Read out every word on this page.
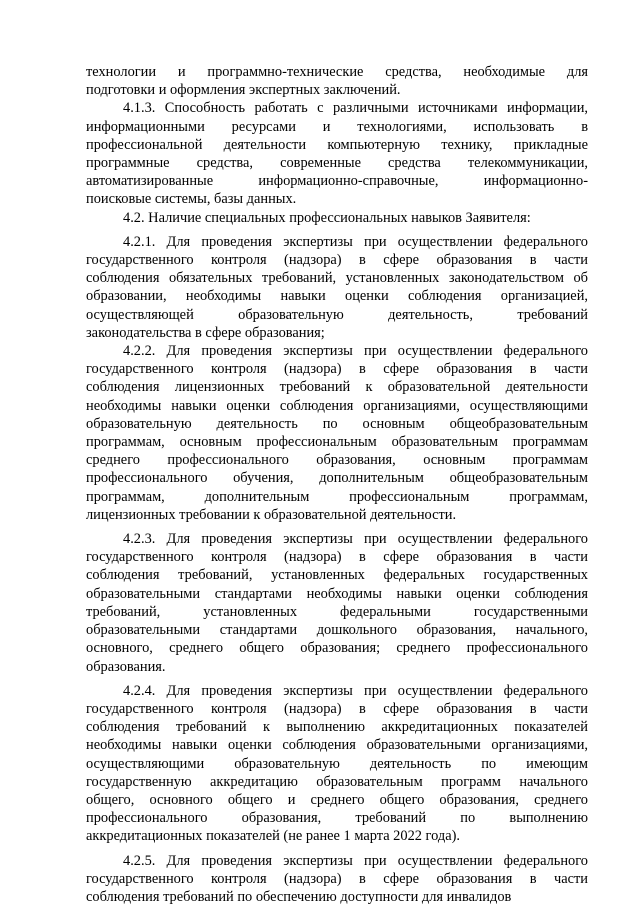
технологии и программно-технические средства, необходимые для
подготовки и оформления экспертных заключений.

4.1.3. Способность работать с различными источниками информации,
информационными ресурсами и технологиями, использовать в
профессиональной деятельности компьютерную технику, прикладные
программные средства, современные средства телекоммуникации,
автоматизированные информационно-справочные, информационно-
поисковые системы, базы данных.

4.2. Наличие специальных профессиональных навыков Заявителя:

4.2.1. Для проведения экспертизы при осуществлении федерального
государственного контроля (надзора) в сфере образования в части
соблюдения обязательных требований, установленных законодательством об
образовании, необходимы навыки оценки соблюдения организацией,
осуществляющей образовательную деятельность, требований
законодательства в сфере образования;

4.2.2. Для проведения экспертизы при осуществлении федерального
государственного контроля (надзора) в сфере образования в части
соблюдения лицензионных требований к образовательной деятельности
необходимы навыки оценки соблюдения организациями, осуществляющими
образовательную деятельность по основным общеобразовательным
программам, основным профессиональным образовательным программам
среднего профессионального образования, основным программам
профессионального обучения, дополнительным общеобразовательным
программам, дополнительным профессиональным программам,
лицензионных требовании к образовательной деятельности.

4.2.3. Для проведения экспертизы при осуществлении федерального
государственного контроля (надзора) в сфере образования в части
соблюдения требований, установленных федеральных государственных
образовательными стандартами необходимы навыки оценки соблюдения
требований, установленных федеральными государственными
образовательными стандартами дошкольного образования, начального,
основного, среднего общего образования; среднего профессионального
образования.

4.2.4. Для проведения экспертизы при осуществлении федерального
государственного контроля (надзора) в сфере образования в части
соблюдения требований к выполнению аккредитационных показателей
необходимы навыки оценки соблюдения образовательными организациями,
осуществляющими образовательную деятельность по имеющим
государственную аккредитацию образовательным программ начального
общего, основного общего и среднего общего образования, среднего
профессионального образования, требований по выполнению
аккредитационных показателей (не ранее 1 марта 2022 года).

4.2.5. Для проведения экспертизы при осуществлении федерального
государственного контроля (надзора) в сфере образования в части
соблюдения требований по обеспечению доступности для инвалидов
